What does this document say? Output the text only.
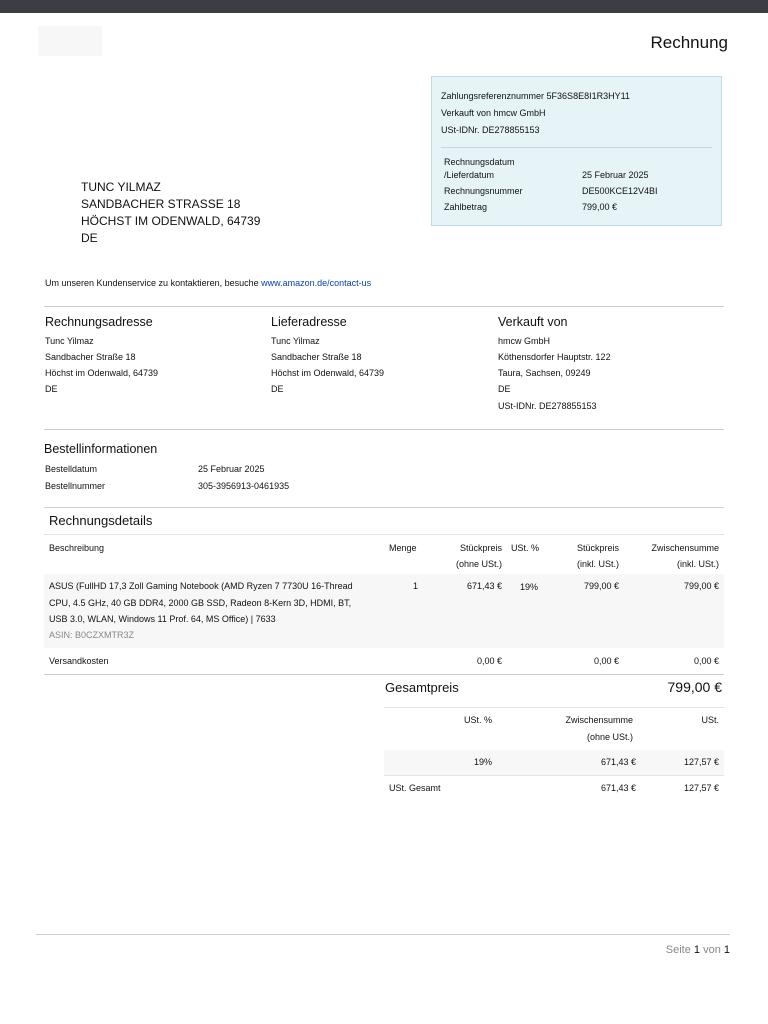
Rechnung
Zahlungsreferenznummer 5F36S8E8I1R3HY11
Verkauft von hmcw GmbH
USt-IDNr. DE278855153
Rechnungsdatum
/Lieferdatum	25 Februar 2025
Rechnungsnummer	DE500KCE12V4BI
Zahlbetrag	799,00 €
TUNC YILMAZ
SANDBACHER STRASSE 18
HÖCHST IM ODENWALD, 64739
DE
Um unseren Kundenservice zu kontaktieren, besuche www.amazon.de/contact-us
Rechnungsadresse
Tunc Yilmaz
Sandbacher Straße 18
Höchst im Odenwald, 64739
DE
Lieferadresse
Tunc Yilmaz
Sandbacher Straße 18
Höchst im Odenwald, 64739
DE
Verkauft von
hmcw GmbH
Köthensdorfer Hauptstr. 122
Taura, Sachsen, 09249
DE
USt-IDNr. DE278855153
Bestellinformationen
Bestelldatum	25 Februar 2025
Bestellnummer	305-3956913-0461935
Rechnungsdetails
Beschreibung	Menge	Stückpreis
(ohne USt.)
USt. %	Stückpreis
(inkl. USt.)
Zwischensumme
(inkl. USt.)
ASUS (FullHD 17,3 Zoll Gaming Notebook (AMD Ryzen 7 7730U 16-Thread
CPU, 4.5 GHz, 40 GB DDR4, 2000 GB SSD, Radeon 8-Kern 3D, HDMI, BT,
USB 3.0, WLAN, Windows 11 Prof. 64, MS Office) | 7633
ASIN: B0CZXMTR3Z
1	671,43 € 19%	799,00 €	799,00 €
Versandkosten	0,00 €	0,00 €	0,00 €
Gesamtpreis	799,00 €
USt. %	Zwischensumme
(ohne USt.)
USt.
19%	671,43 €	127,57 €
USt. Gesamt	671,43 €	127,57 €
Seite 1 von 1
